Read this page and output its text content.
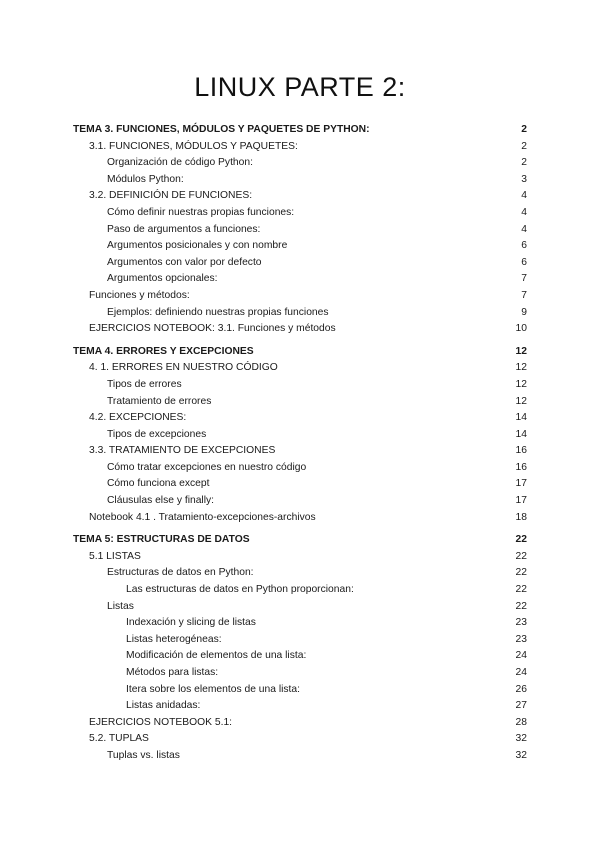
LINUX PARTE 2:
TEMA 3. FUNCIONES, MÓDULOS Y PAQUETES DE PYTHON:	2
3.1. FUNCIONES, MÓDULOS Y PAQUETES:	2
Organización de código Python:	2
Módulos Python:	3
3.2. DEFINICIÓN DE FUNCIONES:	4
Cómo definir nuestras propias funciones:	4
Paso de argumentos a funciones:	4
Argumentos posicionales y con nombre	6
Argumentos con valor por defecto	6
Argumentos opcionales:	7
Funciones y métodos:	7
Ejemplos: definiendo nuestras propias funciones	9
EJERCICIOS NOTEBOOK: 3.1. Funciones y métodos	10
TEMA 4. ERRORES Y EXCEPCIONES	12
4. 1. ERRORES EN NUESTRO CÓDIGO	12
Tipos de errores	12
Tratamiento de errores	12
4.2. EXCEPCIONES:	14
Tipos de excepciones	14
3.3. TRATAMIENTO DE EXCEPCIONES	16
Cómo tratar excepciones en nuestro código	16
Cómo funciona except	17
Cláusulas else y finally:	17
Notebook 4.1 . Tratamiento-excepciones-archivos	18
TEMA 5: ESTRUCTURAS DE DATOS	22
5.1 LISTAS	22
Estructuras de datos en Python:	22
Las estructuras de datos en Python proporcionan:	22
Listas	22
Indexación y slicing de listas	23
Listas heterogéneas:	23
Modificación de elementos de una lista:	24
Métodos para listas:	24
Itera sobre los elementos de una lista:	26
Listas anidadas:	27
EJERCICIOS NOTEBOOK 5.1:	28
5.2. TUPLAS	32
Tuplas vs. listas	32
